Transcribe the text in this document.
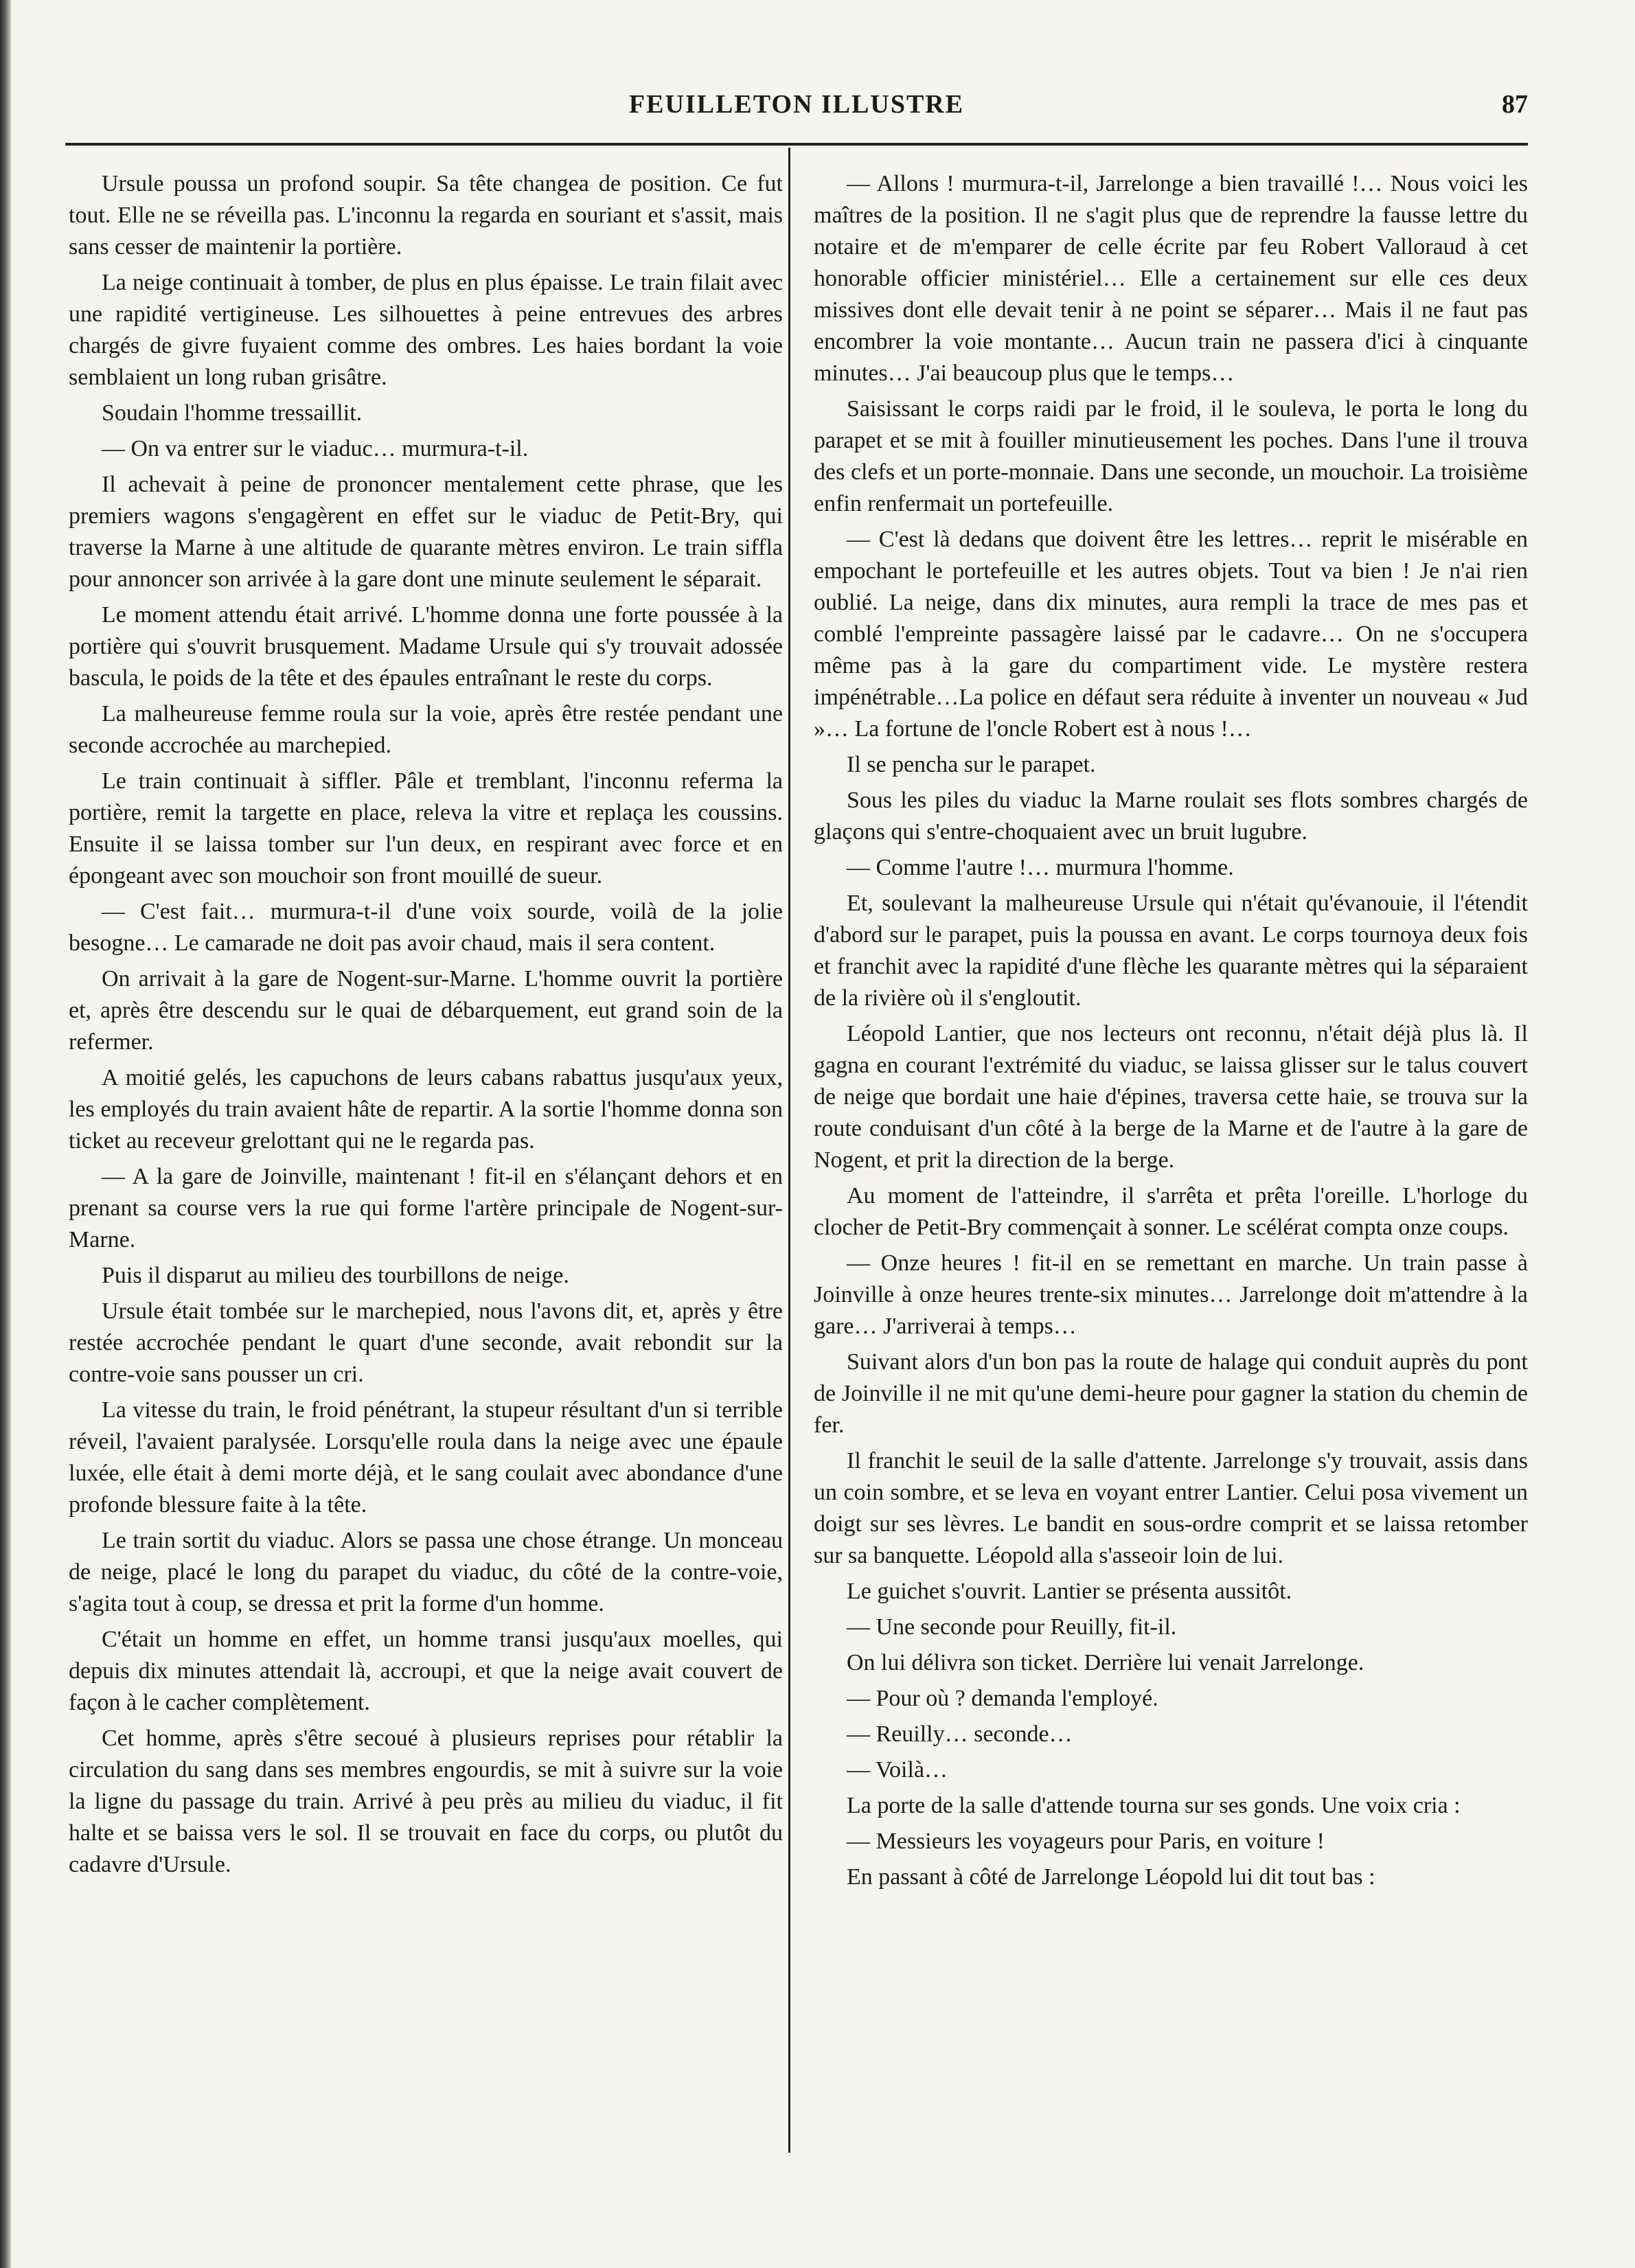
FEUILLETON ILLUSTRE	87

Ursule poussa un profond soupir. Sa tête changea de position. Ce fut tout. Elle ne se réveilla pas. L'inconnu la regarda en souriant et s'assit, mais sans cesser de maintenir la portière.

La neige continuait à tomber, de plus en plus épaisse. Le train filait avec une rapidité vertigineuse. Les silhouettes à peine entrevues des arbres chargés de givre fuyaient comme des ombres. Les haies bordant la voie semblaient un long ruban grisâtre.

Soudain l'homme tressaillit.

— On va entrer sur le viaduc… murmura-t-il.

Il achevait à peine de prononcer mentalement cette phrase, que les premiers wagons s'engagèrent en effet sur le viaduc de Petit-Bry, qui traverse la Marne à une altitude de quarante mètres environ. Le train siffla pour annoncer son arrivée à la gare dont une minute seulement le séparait.

Le moment attendu était arrivé. L'homme donna une forte poussée à la portière qui s'ouvrit brusquement. Madame Ursule qui s'y trouvait adossée bascula, le poids de la tête et des épaules entraînant le reste du corps.

La malheureuse femme roula sur la voie, après être restée pendant une seconde accrochée au marchepied.

Le train continuait à siffler. Pâle et tremblant, l'inconnu referma la portière, remit la targette en place, releva la vitre et replaça les coussins. Ensuite il se laissa tomber sur l'un deux, en respirant avec force et en épongeant avec son mouchoir son front mouillé de sueur.

— C'est fait… murmura-t-il d'une voix sourde, voilà de la jolie besogne… Le camarade ne doit pas avoir chaud, mais il sera content.

On arrivait à la gare de Nogent-sur-Marne. L'homme ouvrit la portière et, après être descendu sur le quai de débarquement, eut grand soin de la refermer.

A moitié gelés, les capuchons de leurs cabans rabattus jusqu'aux yeux, les employés du train avaient hâte de repartir. A la sortie l'homme donna son ticket au receveur grelottant qui ne le regarda pas.

— A la gare de Joinville, maintenant ! fit-il en s'élançant dehors et en prenant sa course vers la rue qui forme l'artère principale de Nogent-sur-Marne.

Puis il disparut au milieu des tourbillons de neige.

Ursule était tombée sur le marchepied, nous l'avons dit, et, après y être restée accrochée pendant le quart d'une seconde, avait rebondit sur la contre-voie sans pousser un cri.

La vitesse du train, le froid pénétrant, la stupeur résultant d'un si terrible réveil, l'avaient paralysée. Lorsqu'elle roula dans la neige avec une épaule luxée, elle était à demi morte déjà, et le sang coulait avec abondance d'une profonde blessure faite à la tête.

Le train sortit du viaduc. Alors se passa une chose étrange. Un monceau de neige, placé le long du parapet du viaduc, du côté de la contre-voie, s'agita tout à coup, se dressa et prit la forme d'un homme.

C'était un homme en effet, un homme transi jusqu'aux moelles, qui depuis dix minutes attendait là, accroupi, et que la neige avait couvert de façon à le cacher complètement.

Cet homme, après s'être secoué à plusieurs reprises pour rétablir la circulation du sang dans ses membres engourdis, se mit à suivre sur la voie la ligne du passage du train. Arrivé à peu près au milieu du viaduc, il fit halte et se baissa vers le sol. Il se trouvait en face du corps, ou plutôt du cadavre d'Ursule.

— Allons ! murmura-t-il, Jarrelonge a bien travaillé !… Nous voici les maîtres de la position. Il ne s'agit plus que de reprendre la fausse lettre du notaire et de m'emparer de celle écrite par feu Robert Valloraud à cet honorable officier ministériel… Elle a certainement sur elle ces deux missives dont elle devait tenir à ne point se séparer… Mais il ne faut pas encombrer la voie montante… Aucun train ne passera d'ici à cinquante minutes… J'ai beaucoup plus que le temps…

Saisissant le corps raidi par le froid, il le souleva, le porta le long du parapet et se mit à fouiller minutieusement les poches. Dans l'une il trouva des clefs et un porte-monnaie. Dans une seconde, un mouchoir. La troisième enfin renfermait un portefeuille.

— C'est là dedans que doivent être les lettres… reprit le misérable en empochant le portefeuille et les autres objets. Tout va bien ! Je n'ai rien oublié. La neige, dans dix minutes, aura rempli la trace de mes pas et comblé l'empreinte passagère laissé par le cadavre… On ne s'occupera même pas à la gare du compartiment vide. Le mystère restera impénétrable…La police en défaut sera réduite à inventer un nouveau « Jud »… La fortune de l'oncle Robert est à nous !…

Il se pencha sur le parapet.

Sous les piles du viaduc la Marne roulait ses flots sombres chargés de glaçons qui s'entre-choquaient avec un bruit lugubre.

— Comme l'autre !… murmura l'homme.

Et, soulevant la malheureuse Ursule qui n'était qu'évanouie, il l'étendit d'abord sur le parapet, puis la poussa en avant. Le corps tournoya deux fois et franchit avec la rapidité d'une flèche les quarante mètres qui la séparaient de la rivière où il s'engloutit.

Léopold Lantier, que nos lecteurs ont reconnu, n'était déjà plus là. Il gagna en courant l'extrémité du viaduc, se laissa glisser sur le talus couvert de neige que bordait une haie d'épines, traversa cette haie, se trouva sur la route conduisant d'un côté à la berge de la Marne et de l'autre à la gare de Nogent, et prit la direction de la berge.

Au moment de l'atteindre, il s'arrêta et prêta l'oreille. L'horloge du clocher de Petit-Bry commençait à sonner. Le scélérat compta onze coups.

— Onze heures ! fit-il en se remettant en marche. Un train passe à Joinville à onze heures trente-six minutes… Jarrelonge doit m'attendre à la gare… J'arriverai à temps…

Suivant alors d'un bon pas la route de halage qui conduit auprès du pont de Joinville il ne mit qu'une demi-heure pour gagner la station du chemin de fer.

Il franchit le seuil de la salle d'attente. Jarrelonge s'y trouvait, assis dans un coin sombre, et se leva en voyant entrer Lantier. Celui posa vivement un doigt sur ses lèvres. Le bandit en sous-ordre comprit et se laissa retomber sur sa banquette. Léopold alla s'asseoir loin de lui.

Le guichet s'ouvrit. Lantier se présenta aussitôt.

— Une seconde pour Reuilly, fit-il.

On lui délivra son ticket. Derrière lui venait Jarrelonge.

— Pour où ? demanda l'employé.

— Reuilly… seconde…

— Voilà…

La porte de la salle d'attende tourna sur ses gonds. Une voix cria :

— Messieurs les voyageurs pour Paris, en voiture !

En passant à côté de Jarrelonge Léopold lui dit tout bas :
